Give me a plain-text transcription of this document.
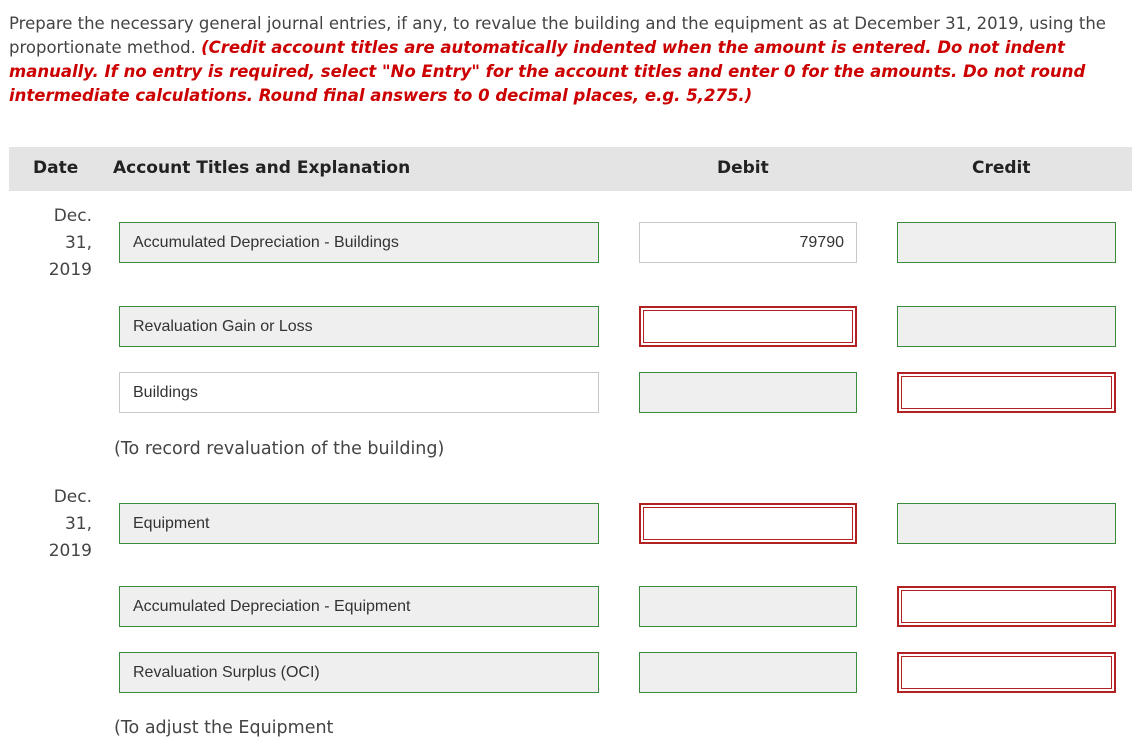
Prepare the necessary general journal entries, if any, to revalue the building and the equipment as at December 31, 2019, using the proportionate method. (Credit account titles are automatically indented when the amount is entered. Do not indent manually. If no entry is required, select "No Entry" for the account titles and enter 0 for the amounts. Do not round intermediate calculations. Round final answers to 0 decimal places, e.g. 5,275.)
Date Account Titles and Explanation	Debit	Credit
Dec.
31,
2019
Accumulated Depreciation - Buildings	79790
Revaluation Gain or Loss
Buildings
(To record revaluation of the building)
Dec.
31,
2019
Equipment
Accumulated Depreciation - Equipment
Revaluation Surplus (OCI)
(To adjust the Equipment
